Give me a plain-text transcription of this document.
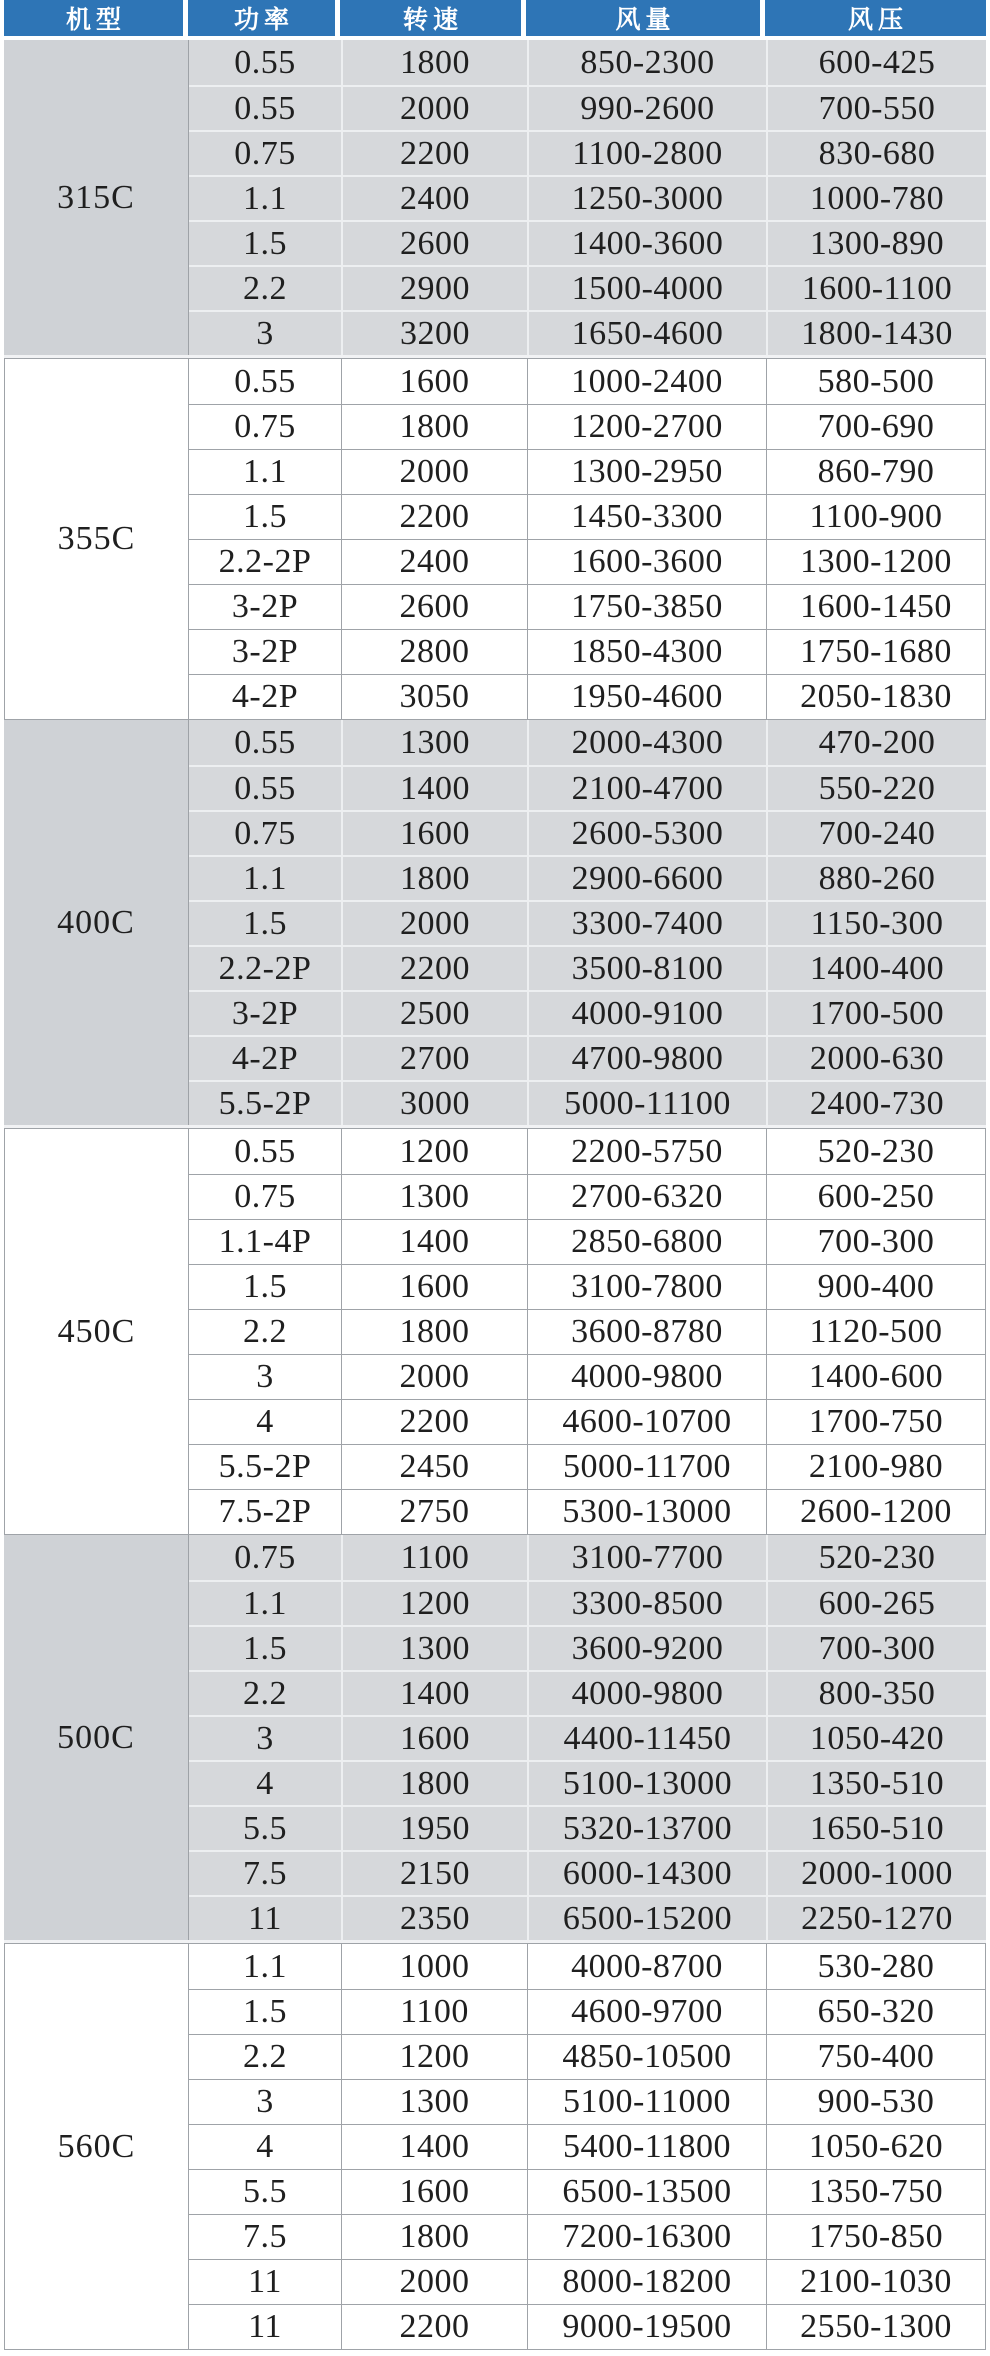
机型	功率	转速	风量	风压
315C
0.55	1800	850-2300	600-425
0.55	2000	990-2600	700-550
0.75	2200	1100-2800	830-680
1.1	2400	1250-3000	1000-780
1.5	2600	1400-3600	1300-890
2.2	2900	1500-4000	1600-1100
3	3200	1650-4600	1800-1430
355C
0.55	1600	1000-2400	580-500
0.75	1800	1200-2700	700-690
1.1	2000	1300-2950	860-790
1.5	2200	1450-3300	1100-900
2.2-2P	2400	1600-3600	1300-1200
3-2P	2600	1750-3850	1600-1450
3-2P	2800	1850-4300	1750-1680
4-2P	3050	1950-4600	2050-1830
400C
0.55	1300	2000-4300	470-200
0.55	1400	2100-4700	550-220
0.75	1600	2600-5300	700-240
1.1	1800	2900-6600	880-260
1.5	2000	3300-7400	1150-300
2.2-2P	2200	3500-8100	1400-400
3-2P	2500	4000-9100	1700-500
4-2P	2700	4700-9800	2000-630
5.5-2P	3000	5000-11100	2400-730
450C
0.55	1200	2200-5750	520-230
0.75	1300	2700-6320	600-250
1.1-4P	1400	2850-6800	700-300
1.5	1600	3100-7800	900-400
2.2	1800	3600-8780	1120-500
3	2000	4000-9800	1400-600
4	2200	4600-10700	1700-750
5.5-2P	2450	5000-11700	2100-980
7.5-2P	2750	5300-13000	2600-1200
500C
0.75	1100	3100-7700	520-230
1.1	1200	3300-8500	600-265
1.5	1300	3600-9200	700-300
2.2	1400	4000-9800	800-350
3	1600	4400-11450	1050-420
4	1800	5100-13000	1350-510
5.5	1950	5320-13700	1650-510
7.5	2150	6000-14300	2000-1000
11	2350	6500-15200	2250-1270
560C
1.1	1000	4000-8700	530-280
1.5	1100	4600-9700	650-320
2.2	1200	4850-10500	750-400
3	1300	5100-11000	900-530
4	1400	5400-11800	1050-620
5.5	1600	6500-13500	1350-750
7.5	1800	7200-16300	1750-850
11	2000	8000-18200	2100-1030
11	2200	9000-19500	2550-1300
